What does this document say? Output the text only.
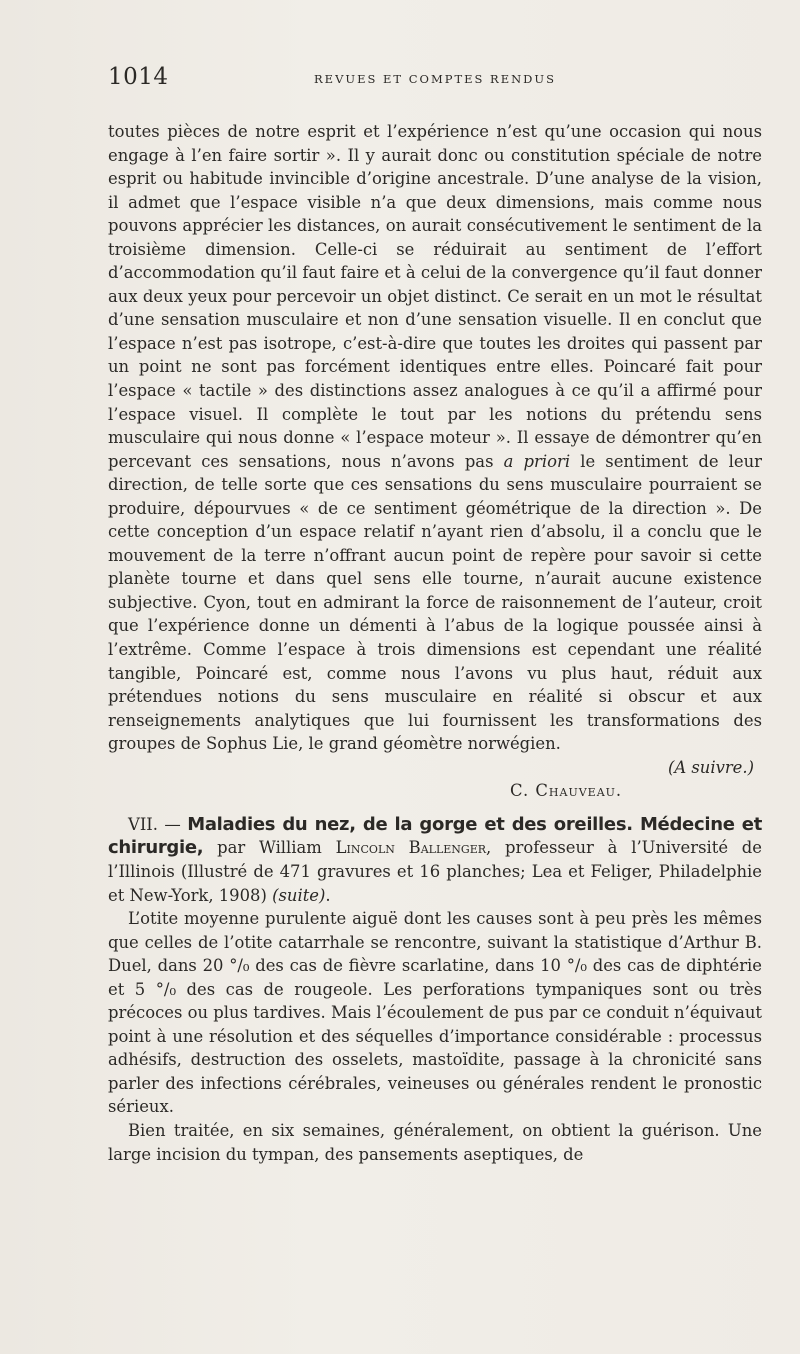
1014	REVUES ET COMPTES RENDUS

toutes pièces de notre esprit et l’expérience n’est qu’une occasion qui nous engage à l’en faire sortir ». Il y aurait donc ou constitution spéciale de notre esprit ou habitude invincible d’origine ancestrale. D’une analyse de la vision, il admet que l’espace visible n’a que deux dimensions, mais comme nous pouvons apprécier les distances, on aurait consécutivement le sentiment de la troisième dimension. Celle-ci se réduirait au sentiment de l’effort d’accommodation qu’il faut faire et à celui de la convergence qu’il faut donner aux deux yeux pour percevoir un objet distinct. Ce serait en un mot le résultat d’une sensation musculaire et non d’une sensation visuelle. Il en conclut que l’espace n’est pas isotrope, c’est-à-dire que toutes les droites qui passent par un point ne sont pas forcément identiques entre elles. Poincaré fait pour l’espace « tactile » des distinctions assez analogues à ce qu’il a affirmé pour l’espace visuel. Il complète le tout par les notions du prétendu sens musculaire qui nous donne « l’espace moteur ». Il essaye de démontrer qu’en percevant ces sensations, nous n’avons pas a priori le sentiment de leur direction, de telle sorte que ces sensations du sens musculaire pourraient se produire, dépourvues « de ce sentiment géométrique de la direction ». De cette conception d’un espace relatif n’ayant rien d’absolu, il a conclu que le mouvement de la terre n’offrant aucun point de repère pour savoir si cette planète tourne et dans quel sens elle tourne, n’aurait aucune existence subjective. Cyon, tout en admirant la force de raisonnement de l’auteur, croit que l’expérience donne un démenti à l’abus de la logique poussée ainsi à l’extrême. Comme l’espace à trois dimensions est cependant une réalité tangible, Poincaré est, comme nous l’avons vu plus haut, réduit aux prétendues notions du sens musculaire en réalité si obscur et aux renseignements analytiques que lui fournissent les transformations des groupes de Sophus Lie, le grand géomètre norwégien.

(A suivre.)

C. Chauveau.

VII. — Maladies du nez, de la gorge et des oreilles. Médecine et chirurgie, par William Lincoln Ballenger, professeur à l’Université de l’Illinois (Illustré de 471 gravures et 16 planches; Lea et Feliger, Philadelphie et New-York, 1908) (suite).

L’otite moyenne purulente aiguë dont les causes sont à peu près les mêmes que celles de l’otite catarrhale se rencontre, suivant la statistique d’Arthur B. Duel, dans 20 °/₀ des cas de fièvre scarlatine, dans 10 °/₀ des cas de diphtérie et 5 °/₀ des cas de rougeole. Les perforations tympaniques sont ou très précoces ou plus tardives. Mais l’écoulement de pus par ce conduit n’équivaut point à une résolution et des séquelles d’importance considérable : processus adhésifs, destruction des osselets, mastoïdite, passage à la chronicité sans parler des infections cérébrales, veineuses ou générales rendent le pronostic sérieux.

Bien traitée, en six semaines, généralement, on obtient la guérison. Une large incision du tympan, des pansements aseptiques, de
